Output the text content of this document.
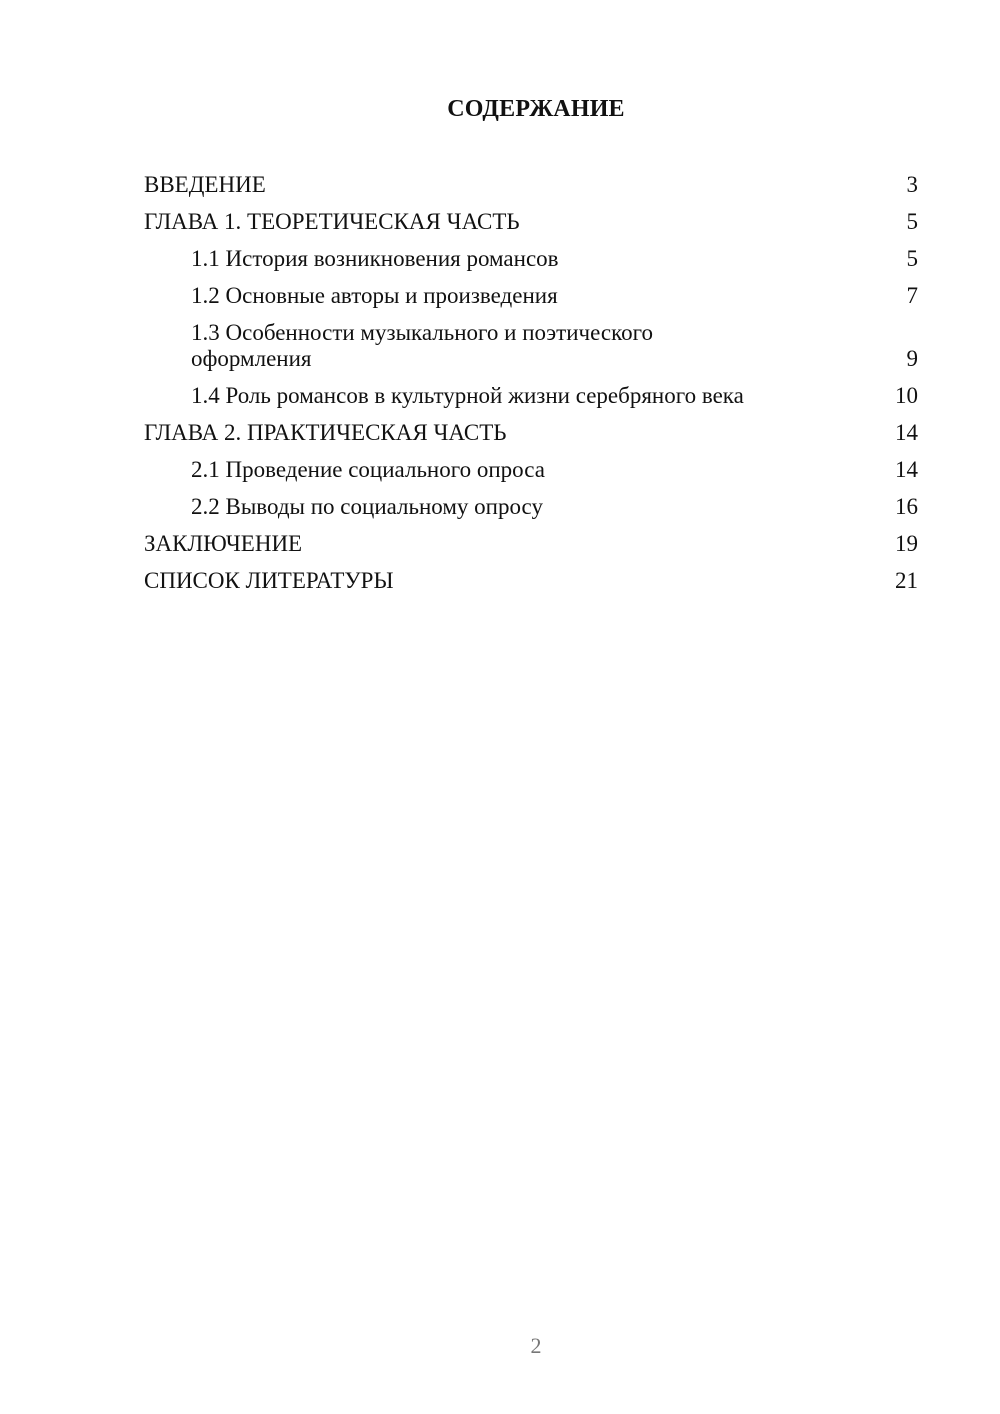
СОДЕРЖАНИЕ
ВВЕДЕНИЕ	3
ГЛАВА 1. ТЕОРЕТИЧЕСКАЯ ЧАСТЬ	5
1.1 История возникновения романсов	5
1.2 Основные авторы и произведения	7
1.3 Особенности музыкального и поэтического оформления	9
1.4 Роль романсов в культурной жизни серебряного века	10
ГЛАВА 2. ПРАКТИЧЕСКАЯ ЧАСТЬ	14
2.1 Проведение социального опроса	14
2.2 Выводы по социальному опросу	16
ЗАКЛЮЧЕНИЕ	19
СПИСОК ЛИТЕРАТУРЫ	21
2
